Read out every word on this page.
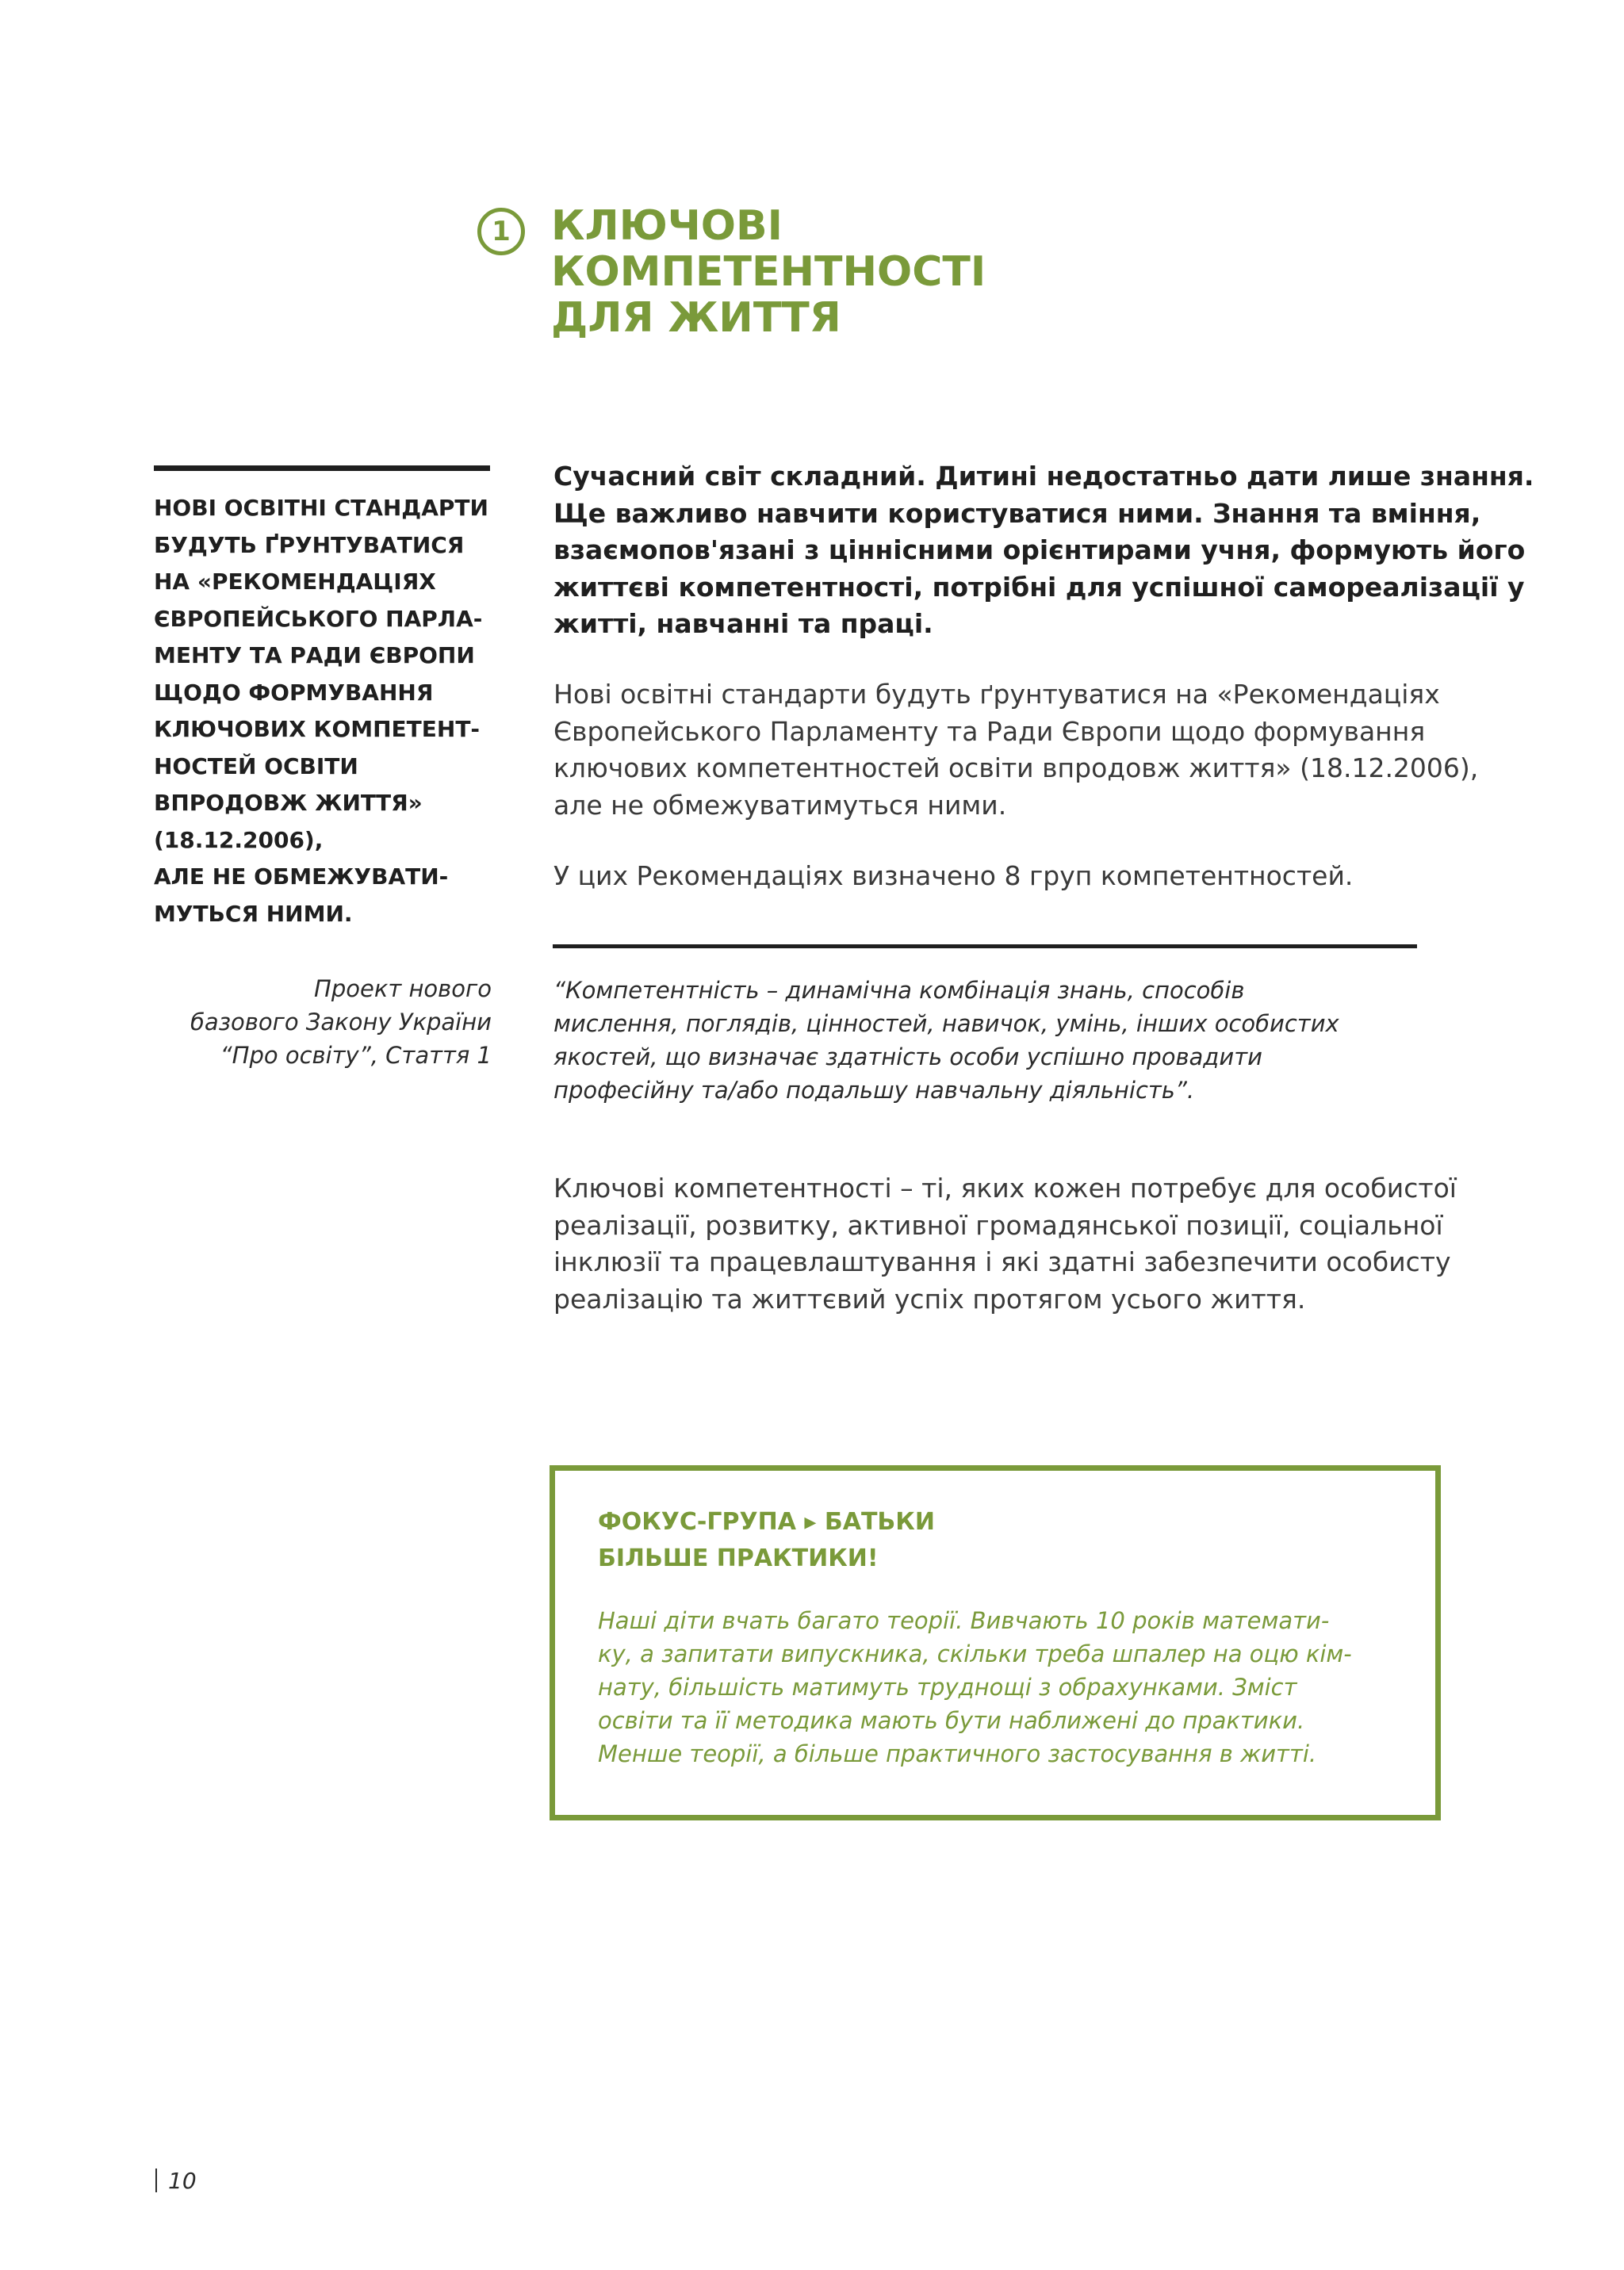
1 КЛЮЧОВІ
КОМПЕТЕНТНОСТІ
ДЛЯ ЖИТТЯ

НОВІ ОСВІТНІ СТАНДАРТИ
БУДУТЬ ҐРУНТУВАТИСЯ
НА «РЕКОМЕНДАЦІЯХ
ЄВРОПЕЙСЬКОГО ПАРЛА-
МЕНТУ ТА РАДИ ЄВРОПИ
ЩОДО ФОРМУВАННЯ
КЛЮЧОВИХ КОМПЕТЕНТ-
НОСТЕЙ ОСВІТИ
ВПРОДОВЖ ЖИТТЯ»
(18.12.2006),
АЛЕ НЕ ОБМЕЖУВАТИ-
МУТЬСЯ НИМИ.

Проект нового
базового Закону України
“Про освіту”, Стаття 1

Сучасний світ складний. Дитині недостатньо дати лише знання.
Ще важливо навчити користуватися ними. Знання та вміння,
взаємопов'язані з ціннісними орієнтирами учня, формують його
життєві компетентності, потрібні для успішної самореалізації у
житті, навчанні та праці.

Нові освітні стандарти будуть ґрунтуватися на «Рекомендаціях
Європейського Парламенту та Ради Європи щодо формування
ключових компетентностей освіти впродовж життя» (18.12.2006),
але не обмежуватимуться ними.

У цих Рекомендаціях визначено 8 груп компетентностей.

“Компетентність – динамічна комбінація знань, способів
мислення, поглядів, цінностей, навичок, умінь, інших особистих
якостей, що визначає здатність особи успішно провадити
професійну та/або подальшу навчальну діяльність”.

Ключові компетентності – ті, яких кожен потребує для особистої
реалізації, розвитку, активної громадянської позиції, соціальної
інклюзії та працевлаштування і які здатні забезпечити особисту
реалізацію та життєвий успіх протягом усього життя.

ФОКУС-ГРУПА ▸ БАТЬКИ
БІЛЬШЕ ПРАКТИКИ!

Наші діти вчать багато теорії. Вивчають 10 років математи-
ку, а запитати випускника, скільки треба шпалер на оцю кім-
нату, більшість матимуть труднощі з обрахунками. Зміст
освіти та її методика мають бути наближені до практики.
Менше теорії, а більше практичного застосування в житті.

10
